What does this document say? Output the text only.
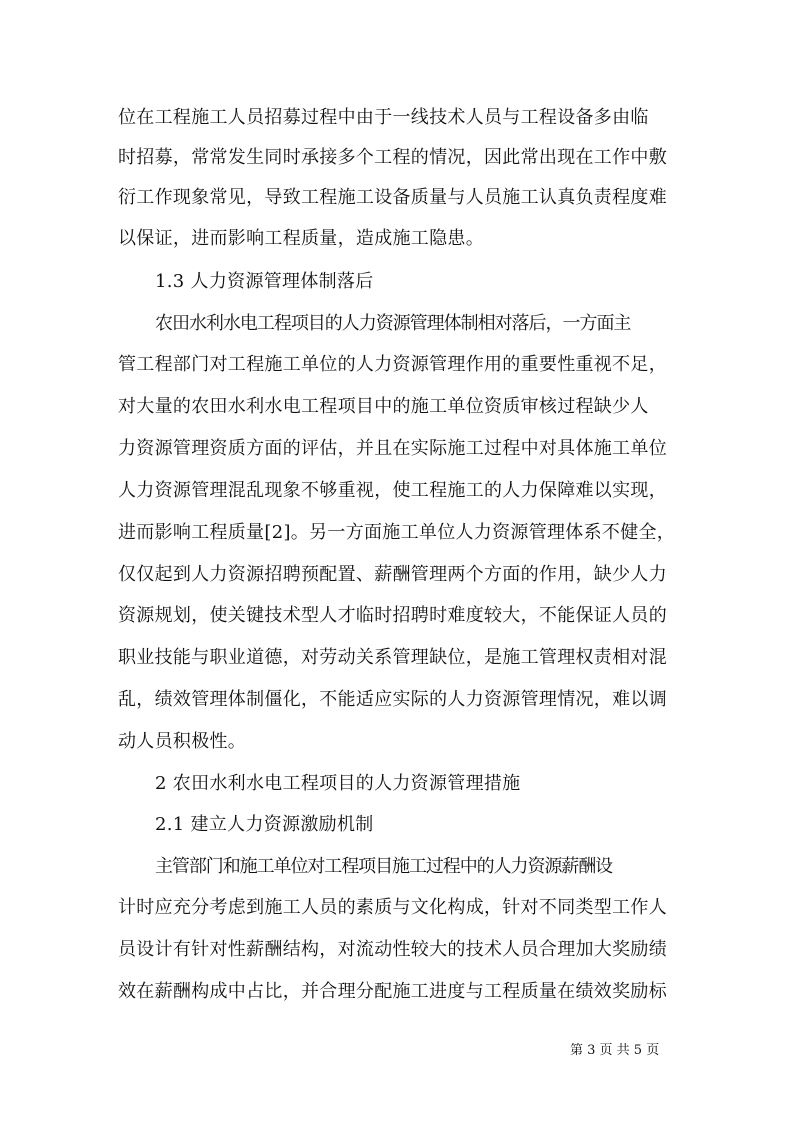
位在工程施工人员招募过程中由于一线技术人员与工程设备多由临
时招募，常常发生同时承接多个工程的情况，因此常出现在工作中敷
衍工作现象常见，导致工程施工设备质量与人员施工认真负责程度难
以保证，进而影响工程质量，造成施工隐患。
1.3 人力资源管理体制落后
农田水利水电工程项目的人力资源管理体制相对落后，一方面主
管工程部门对工程施工单位的人力资源管理作用的重要性重视不足，
对大量的农田水利水电工程项目中的施工单位资质审核过程缺少人
力资源管理资质方面的评估，并且在实际施工过程中对具体施工单位
人力资源管理混乱现象不够重视，使工程施工的人力保障难以实现，
进而影响工程质量[2]。另一方面施工单位人力资源管理体系不健全，
仅仅起到人力资源招聘预配置、薪酬管理两个方面的作用，缺少人力
资源规划，使关键技术型人才临时招聘时难度较大，不能保证人员的
职业技能与职业道德，对劳动关系管理缺位，是施工管理权责相对混
乱，绩效管理体制僵化，不能适应实际的人力资源管理情况，难以调
动人员积极性。
2 农田水利水电工程项目的人力资源管理措施
2.1 建立人力资源激励机制
主管部门和施工单位对工程项目施工过程中的人力资源薪酬设
计时应充分考虑到施工人员的素质与文化构成，针对不同类型工作人
员设计有针对性薪酬结构，对流动性较大的技术人员合理加大奖励绩
效在薪酬构成中占比，并合理分配施工进度与工程质量在绩效奖励标
第 3 页 共 5 页
